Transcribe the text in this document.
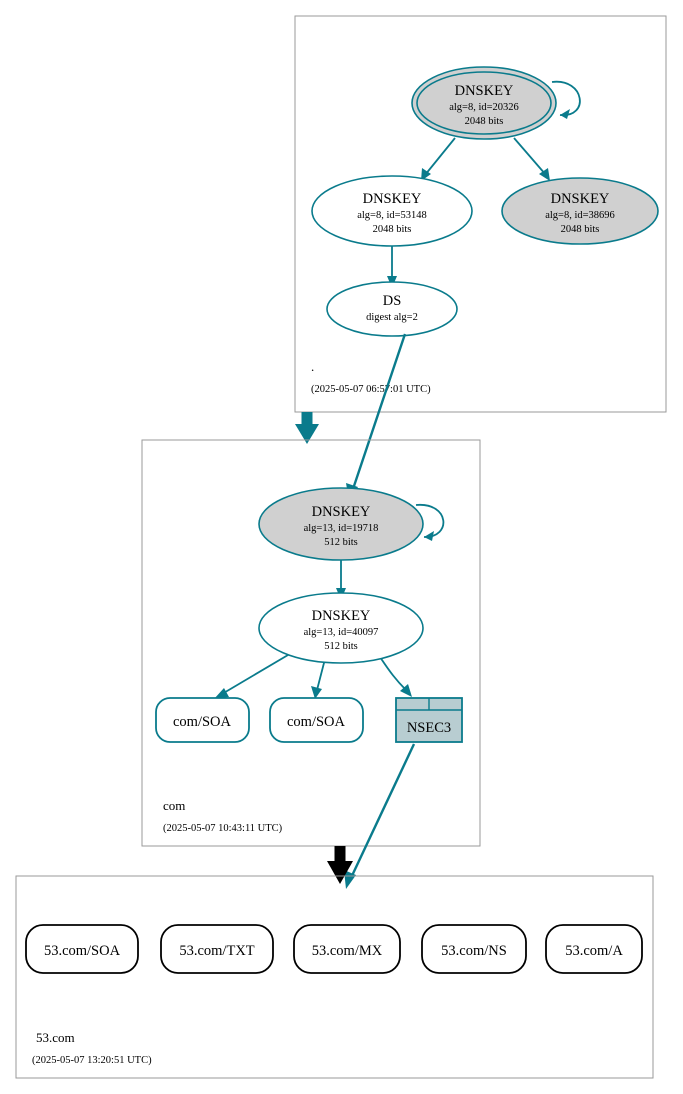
.
(2025-05-07 06:57:01 UTC)
DNSKEY
alg=8, id=20326
2048 bits
DNSKEY
alg=8, id=53148
2048 bits
DNSKEY
alg=8, id=38696
2048 bits
DS
digest alg=2
com
(2025-05-07 10:43:11 UTC)
DNSKEY
alg=13, id=19718
512 bits
DNSKEY
alg=13, id=40097
512 bits
com/SOA	com/SOA	NSEC3
53.com
(2025-05-07 13:20:51 UTC)
53.com/SOA	53.com/TXT	53.com/MX	53.com/NS	53.com/A
